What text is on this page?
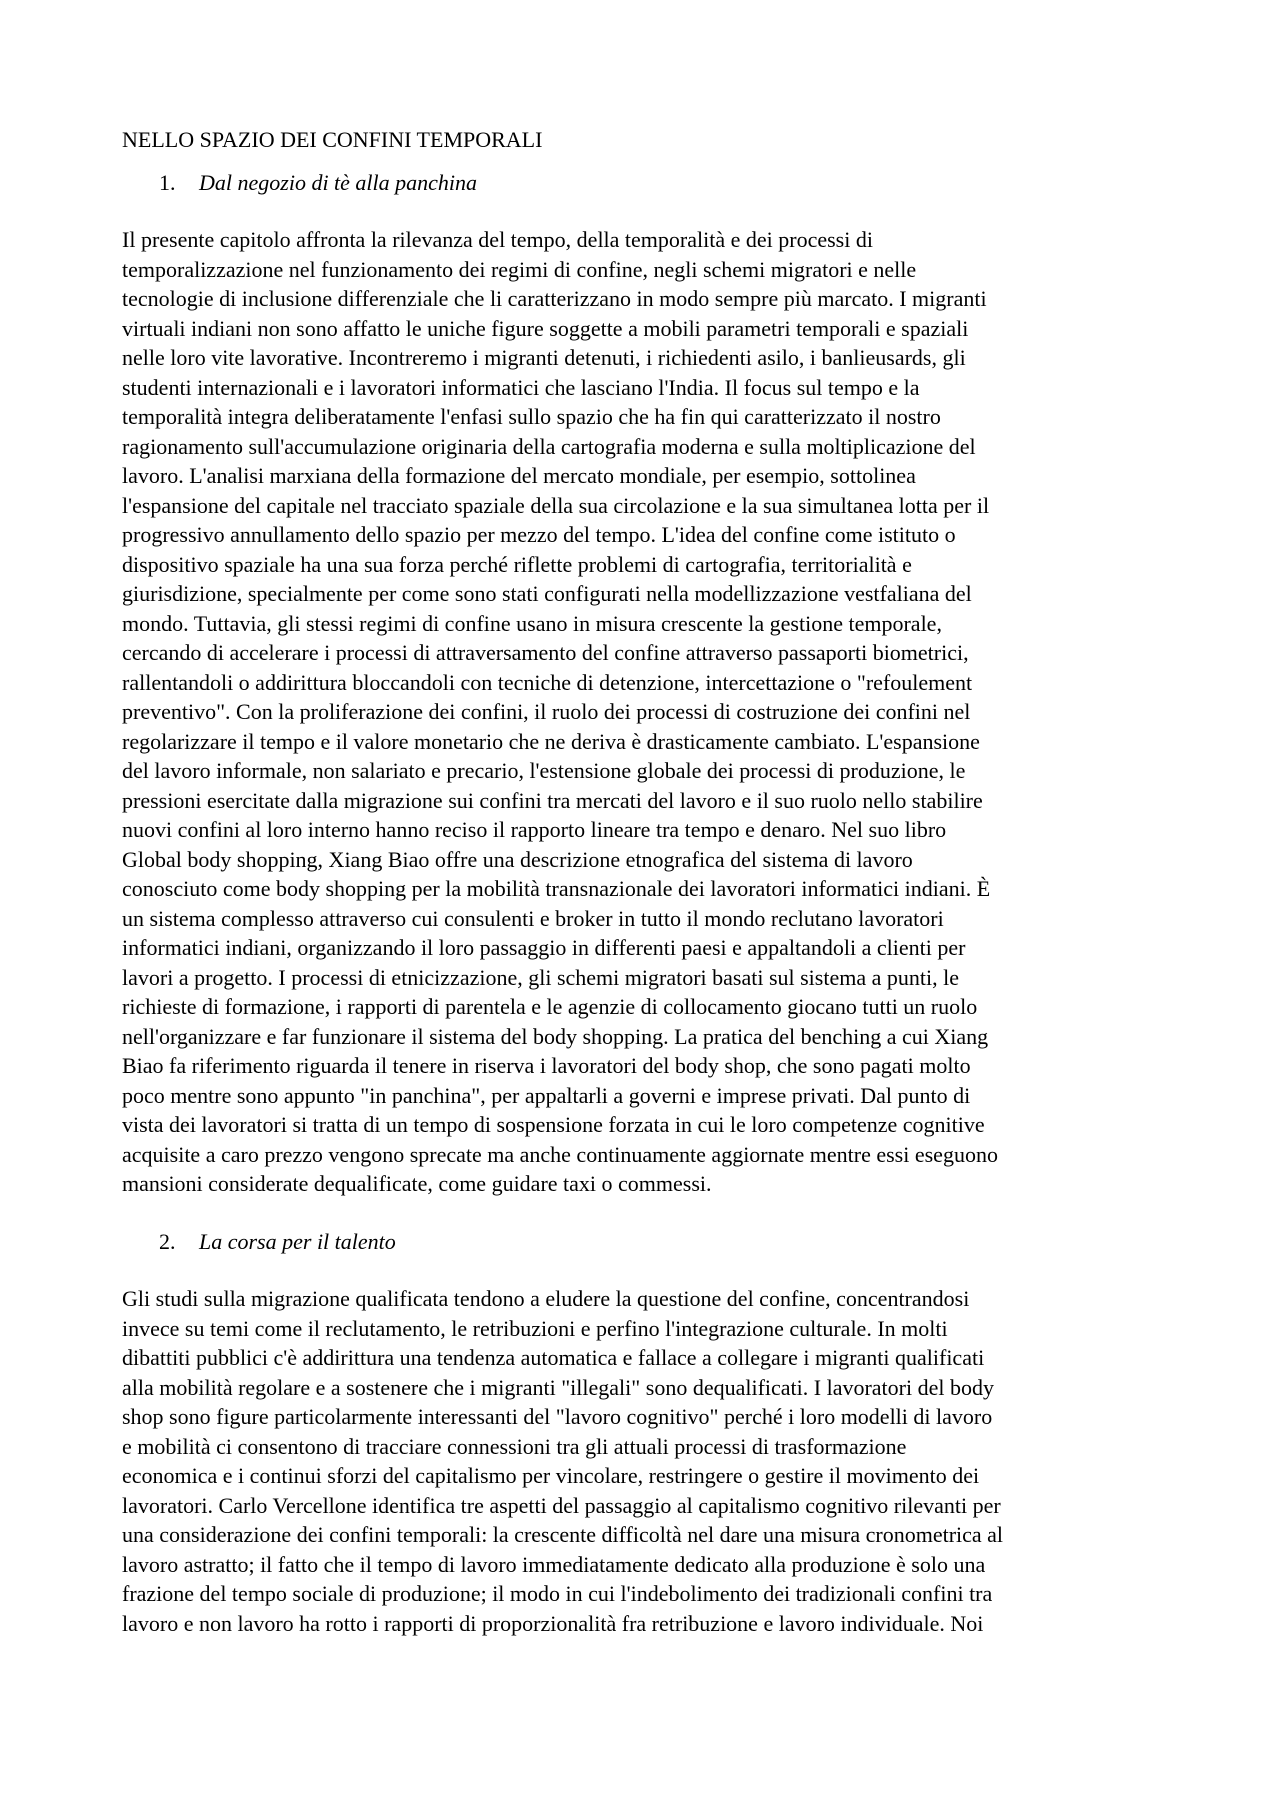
NELLO SPAZIO DEI CONFINI TEMPORALI
1. Dal negozio di tè alla panchina
Il presente capitolo affronta la rilevanza del tempo, della temporalità e dei processi di
temporalizzazione nel funzionamento dei regimi di confine, negli schemi migratori e nelle
tecnologie di inclusione differenziale che li caratterizzano in modo sempre più marcato. I migranti
virtuali indiani non sono affatto le uniche figure soggette a mobili parametri temporali e spaziali
nelle loro vite lavorative. Incontreremo i migranti detenuti, i richiedenti asilo, i banlieusards, gli
studenti internazionali e i lavoratori informatici che lasciano l'India. Il focus sul tempo e la
temporalità integra deliberatamente l'enfasi sullo spazio che ha fin qui caratterizzato il nostro
ragionamento sull'accumulazione originaria della cartografia moderna e sulla moltiplicazione del
lavoro. L'analisi marxiana della formazione del mercato mondiale, per esempio, sottolinea
l'espansione del capitale nel tracciato spaziale della sua circolazione e la sua simultanea lotta per il
progressivo annullamento dello spazio per mezzo del tempo. L'idea del confine come istituto o
dispositivo spaziale ha una sua forza perché riflette problemi di cartografia, territorialità e
giurisdizione, specialmente per come sono stati configurati nella modellizzazione vestfaliana del
mondo. Tuttavia, gli stessi regimi di confine usano in misura crescente la gestione temporale,
cercando di accelerare i processi di attraversamento del confine attraverso passaporti biometrici,
rallentandoli o addirittura bloccandoli con tecniche di detenzione, intercettazione o "refoulement
preventivo". Con la proliferazione dei confini, il ruolo dei processi di costruzione dei confini nel
regolarizzare il tempo e il valore monetario che ne deriva è drasticamente cambiato. L'espansione
del lavoro informale, non salariato e precario, l'estensione globale dei processi di produzione, le
pressioni esercitate dalla migrazione sui confini tra mercati del lavoro e il suo ruolo nello stabilire
nuovi confini al loro interno hanno reciso il rapporto lineare tra tempo e denaro. Nel suo libro
Global body shopping, Xiang Biao offre una descrizione etnografica del sistema di lavoro
conosciuto come body shopping per la mobilità transnazionale dei lavoratori informatici indiani. È
un sistema complesso attraverso cui consulenti e broker in tutto il mondo reclutano lavoratori
informatici indiani, organizzando il loro passaggio in differenti paesi e appaltandoli a clienti per
lavori a progetto. I processi di etnicizzazione, gli schemi migratori basati sul sistema a punti, le
richieste di formazione, i rapporti di parentela e le agenzie di collocamento giocano tutti un ruolo
nell'organizzare e far funzionare il sistema del body shopping. La pratica del benching a cui Xiang
Biao fa riferimento riguarda il tenere in riserva i lavoratori del body shop, che sono pagati molto
poco mentre sono appunto "in panchina", per appaltarli a governi e imprese privati. Dal punto di
vista dei lavoratori si tratta di un tempo di sospensione forzata in cui le loro competenze cognitive
acquisite a caro prezzo vengono sprecate ma anche continuamente aggiornate mentre essi eseguono
mansioni considerate dequalificate, come guidare taxi o commessi.
2. La corsa per il talento
Gli studi sulla migrazione qualificata tendono a eludere la questione del confine, concentrandosi
invece su temi come il reclutamento, le retribuzioni e perfino l'integrazione culturale. In molti
dibattiti pubblici c'è addirittura una tendenza automatica e fallace a collegare i migranti qualificati
alla mobilità regolare e a sostenere che i migranti "illegali" sono dequalificati. I lavoratori del body
shop sono figure particolarmente interessanti del "lavoro cognitivo" perché i loro modelli di lavoro
e mobilità ci consentono di tracciare connessioni tra gli attuali processi di trasformazione
economica e i continui sforzi del capitalismo per vincolare, restringere o gestire il movimento dei
lavoratori. Carlo Vercellone identifica tre aspetti del passaggio al capitalismo cognitivo rilevanti per
una considerazione dei confini temporali: la crescente difficoltà nel dare una misura cronometrica al
lavoro astratto; il fatto che il tempo di lavoro immediatamente dedicato alla produzione è solo una
frazione del tempo sociale di produzione; il modo in cui l'indebolimento dei tradizionali confini tra
lavoro e non lavoro ha rotto i rapporti di proporzionalità fra retribuzione e lavoro individuale. Noi
